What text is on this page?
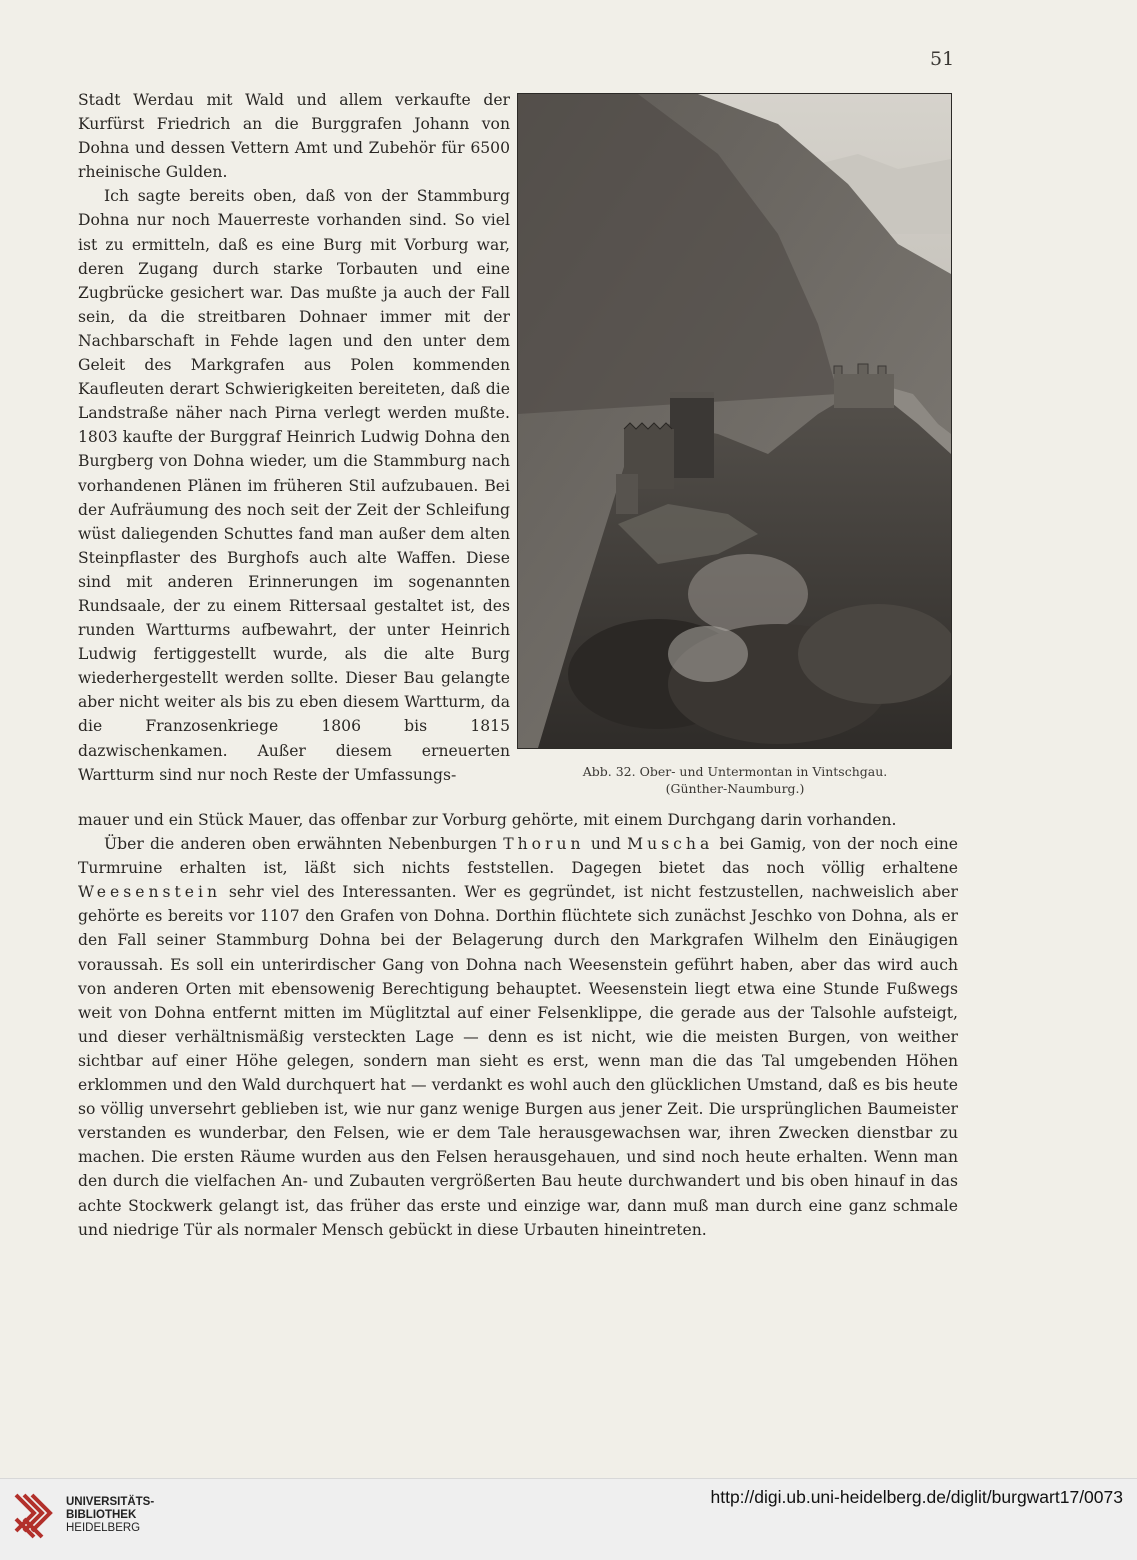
51

Stadt Werdau mit Wald und allem verkaufte der Kurfürst Friedrich an die Burggrafen Johann von Dohna und dessen Vettern Amt und Zubehör für 6500 rheinische Gulden.

Ich sagte bereits oben, daß von der Stammburg Dohna nur noch Mauerreste vorhanden sind. So viel ist zu ermitteln, daß es eine Burg mit Vorburg war, deren Zugang durch starke Torbauten und eine Zugbrücke gesichert war. Das mußte ja auch der Fall sein, da die streitbaren Dohnaer immer mit der Nachbarschaft in Fehde lagen und den unter dem Geleit des Markgrafen aus Polen kommenden Kaufleuten derart Schwierigkeiten bereiteten, daß die Landstraße näher nach Pirna verlegt werden mußte. 1803 kaufte der Burggraf Heinrich Ludwig Dohna den Burgberg von Dohna wieder, um die Stammburg nach vorhandenen Plänen im früheren Stil aufzubauen. Bei der Aufräumung des noch seit der Zeit der Schleifung wüst daliegenden Schuttes fand man außer dem alten Steinpflaster des Burghofs auch alte Waffen. Diese sind mit anderen Erinnerungen im sogenannten Rundsaale, der zu einem Rittersaal gestaltet ist, des runden Wartturms aufbewahrt, der unter Heinrich Ludwig fertiggestellt wurde, als die alte Burg wiederhergestellt werden sollte. Dieser Bau gelangte aber nicht weiter als bis zu eben diesem Wartturm, da die Franzosenkriege 1806 bis 1815 dazwischenkamen. Außer diesem erneuerten Wartturm sind nur noch Reste der Umfassungs-	Abb. 32. Ober- und Untermontan in Vintschgau.
(Günther-Naumburg.)

mauer und ein Stück Mauer, das offenbar zur Vorburg gehörte, mit einem Durchgang darin vorhanden.

Über die anderen oben erwähnten Nebenburgen Thorun und Muscha bei Gamig, von der noch eine Turmruine erhalten ist, läßt sich nichts feststellen. Dagegen bietet das noch völlig erhaltene Weesenstein sehr viel des Interessanten. Wer es gegründet, ist nicht festzustellen, nachweislich aber gehörte es bereits vor 1107 den Grafen von Dohna. Dorthin flüchtete sich zunächst Jeschko von Dohna, als er den Fall seiner Stammburg Dohna bei der Belagerung durch den Markgrafen Wilhelm den Einäugigen voraussah. Es soll ein unterirdischer Gang von Dohna nach Weesenstein geführt haben, aber das wird auch von anderen Orten mit ebensowenig Berechtigung behauptet. Weesenstein liegt etwa eine Stunde Fußwegs weit von Dohna entfernt mitten im Müglitztal auf einer Felsenklippe, die gerade aus der Talsohle aufsteigt, und dieser verhältnismäßig versteckten Lage — denn es ist nicht, wie die meisten Burgen, von weither sichtbar auf einer Höhe gelegen, sondern man sieht es erst, wenn man die das Tal umgebenden Höhen erklommen und den Wald durchquert hat — verdankt es wohl auch den glücklichen Umstand, daß es bis heute so völlig unversehrt geblieben ist, wie nur ganz wenige Burgen aus jener Zeit. Die ursprünglichen Baumeister verstanden es wunderbar, den Felsen, wie er dem Tale herausgewachsen war, ihren Zwecken dienstbar zu machen. Die ersten Räume wurden aus den Felsen herausgehauen, und sind noch heute erhalten. Wenn man den durch die vielfachen An- und Zubauten vergrößerten Bau heute durchwandert und bis oben hinauf in das achte Stockwerk gelangt ist, das früher das erste und einzige war, dann muß man durch eine ganz schmale und niedrige Tür als normaler Mensch gebückt in diese Urbauten hineintreten.

UNIVERSITÄTS-
BIBLIOTHEK
HEIDELBERG
http://digi.ub.uni-heidelberg.de/diglit/burgwart17/0073
